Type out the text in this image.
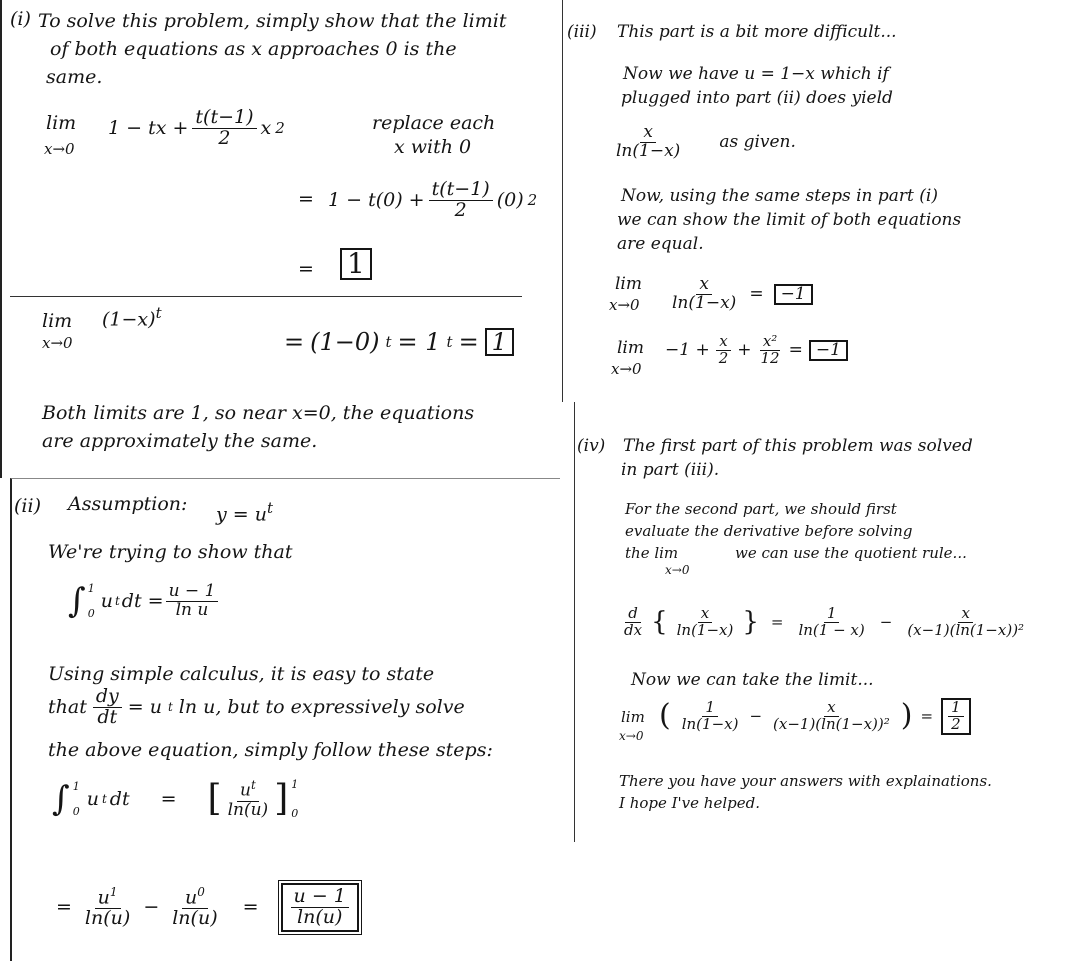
(i) To solve this problem, simply show that the limit
of both equations as x approaches 0 is the
same.
lim
x→0
1 − tx + $\frac{t(t-1)}{2}$ x 2	replace each
x with 0
= $1 - t(0) + \frac{t(t-1)}{2} (0)$ 2
= 1
lim
x→0
$(1-x)^t$
= (1−0) t = 1 t = 1
Both limits are 1, so near x=0, the equations
are approximately the same.
(ii) Assumption: $y = u^t$
We're trying to show that
∫ 1
0
u t dt = $\frac{u - 1}{\text{ln u}}$
Using simple calculus, it is easy to state
that $\frac{dy}{dt} = u$ t ln u, but to expressively solve
the above equation, simply follow these steps:
∫ 1
0
u t dt = [ $u^t$
ln(u) ] 1
0
= $\frac{u^1}{\ln(u)} - \frac{u^0}{\ln(u)} = \frac{u - 1}{\ln(u)}$
(iii) This part is a bit more difficult...
Now we have u = 1−x which if
plugged into part (ii) does yield
x
ln(1−x) as given.
Now, using the same steps in part (i)
we can show the limit of both equations
are equal.
lim
$x\to 0 \frac{x}{\ln(1-x)}$ =	−1
lim
x→0
$-1 + \frac{x}{2} + \frac{\text{x²}}{12} = -1$
(iv) The first part of this problem was solved
in part (iii).
For the second part, we should first
evaluate the derivative before solving
the lim	we can use the quotient rule...
x→0
d
dx { x
ln(1−x) } = $\frac{1}{\ln(1 - x)} - \frac{x}{\text{(x−1)(ln(1−x))²}}$
Now we can take the limit...
lim
x→0
( 1
$\ln(1-x) - \frac{x}{\text{(x−1)(ln(1−x))²}}$ ) = $\frac{1}{2}$
There you have your answers with explainations.
I hope I've helped.
